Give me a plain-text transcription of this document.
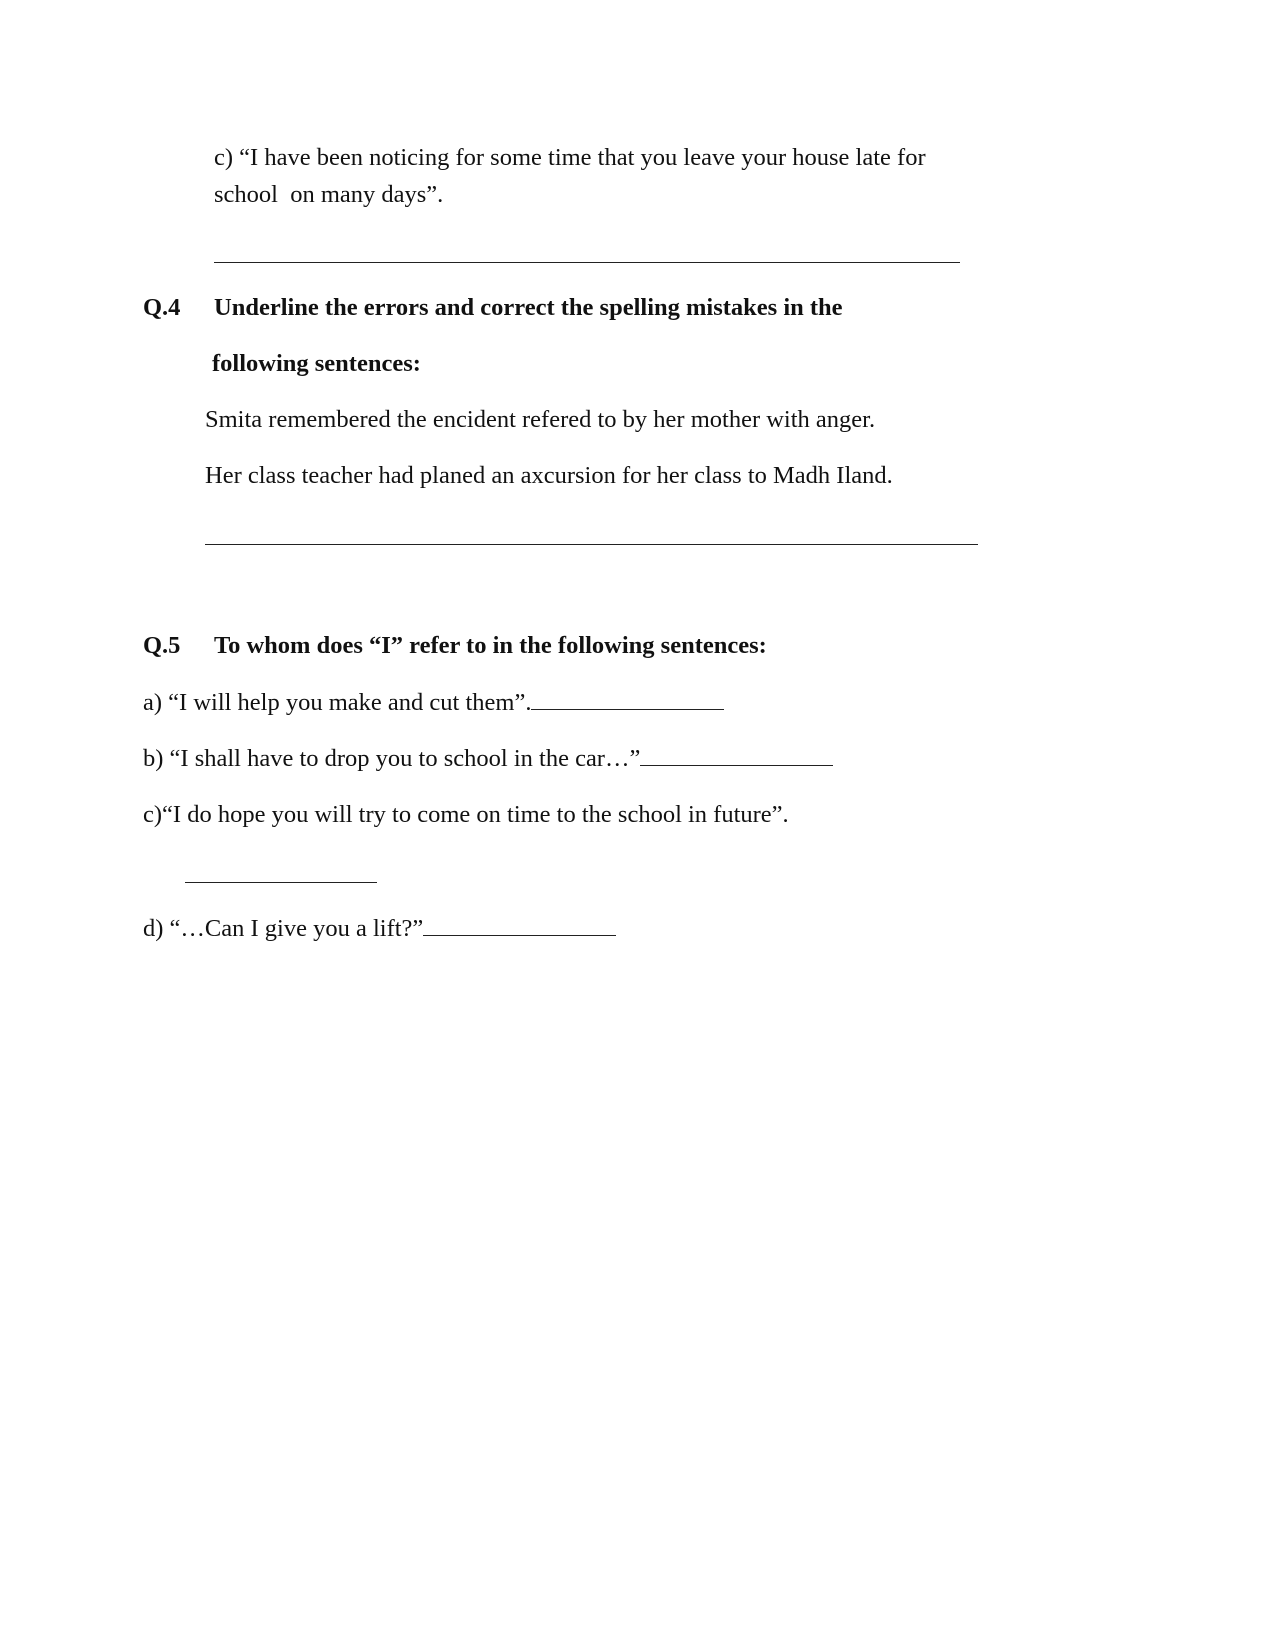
c) “I have been noticing for some time that you leave your house late for
school  on many days”.
Q.4 Underline the errors and correct the spelling mistakes in the
following sentences:
Smita remembered the encident refered to by her mother with anger.
Her class teacher had planed an axcursion for her class to Madh Iland.
Q.5 To whom does “I” refer to in the following sentences:
a) “I will help you make and cut them”.
b) “I shall have to drop you to school in the car…”
c)“I do hope you will try to come on time to the school in future”.
d) “…Can I give you a lift?”
